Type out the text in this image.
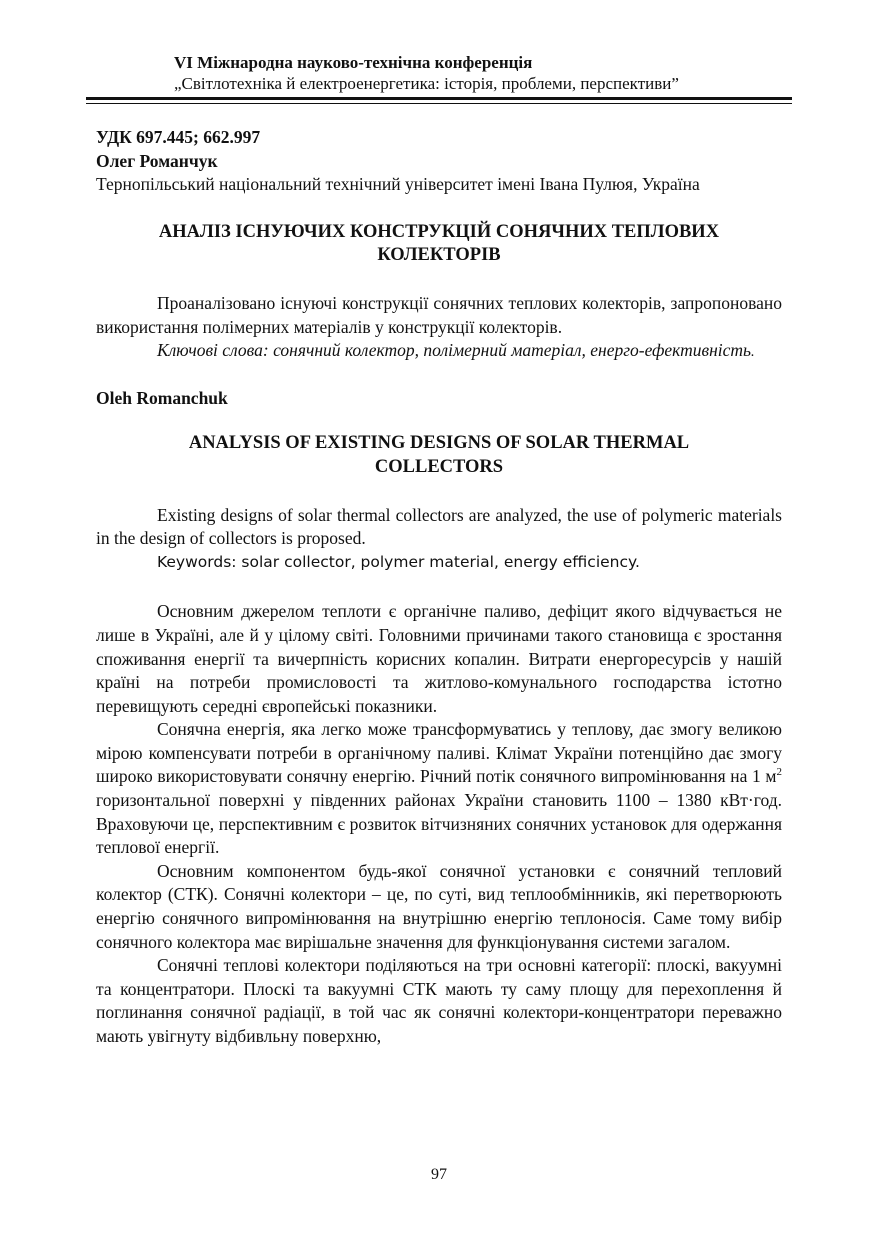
VI Міжнародна науково-технічна конференція
„Світлотехніка й електроенергетика: історія, проблеми, перспективи”

УДК 697.445; 662.997

Олег Романчук

Тернопільський національний технічний університет імені Івана Пулюя, Україна

АНАЛІЗ ІСНУЮЧИХ КОНСТРУКЦІЙ СОНЯЧНИХ ТЕПЛОВИХ КОЛЕКТОРІВ

Проаналізовано існуючі конструкції сонячних теплових колекторів, запропоновано використання полімерних матеріалів у конструкції колекторів.

Ключові слова: сонячний колектор, полімерний матеріал, енерго-ефективність.

Oleh Romanchuk

ANALYSIS OF EXISTING DESIGNS OF SOLAR THERMAL COLLECTORS

Existing designs of solar thermal collectors are analyzed, the use of polymeric materials in the design of collectors is proposed.

Keywords: solar collector, polymer material, energy efficiency.

Основним джерелом теплоти є органічне паливо, дефіцит якого відчувається не лише в Україні, але й у цілому світі. Головними причинами такого становища є зростання споживання енергії та вичерпність корисних копалин. Витрати енергоресурсів у нашій країні на потреби промисловості та житлово-комунального господарства істотно перевищують середні європейські показники.

Сонячна енергія, яка легко може трансформуватись у теплову, дає змогу великою мірою компенсувати потреби в органічному паливі. Клімат України потенційно дає змогу широко використовувати сонячну енергію. Річний потік сонячного випромінювання на 1 $м^2$ горизонтальної поверхні у південних районах України становить 1100 – 1380 кВт·год. Враховуючи це, перспективним є розвиток вітчизняних сонячних установок для одержання теплової енергії.

Основним компонентом будь-якої сонячної установки є сонячний тепловий колектор (СТК). Сонячні колектори – це, по суті, вид теплообмінників, які перетворюють енергію сонячного випромінювання на внутрішню енергію теплоносія. Саме тому вибір сонячного колектора має вирішальне значення для функціонування системи загалом.

Сонячні теплові колектори поділяються на три основні категорії: плоскі, вакуумні та концентратори. Плоскі та вакуумні СТК мають ту саму площу для перехоплення й поглинання сонячної радіації, в той час як сонячні колектори-концентратори переважно мають увігнуту відбивльну поверхню,

97
